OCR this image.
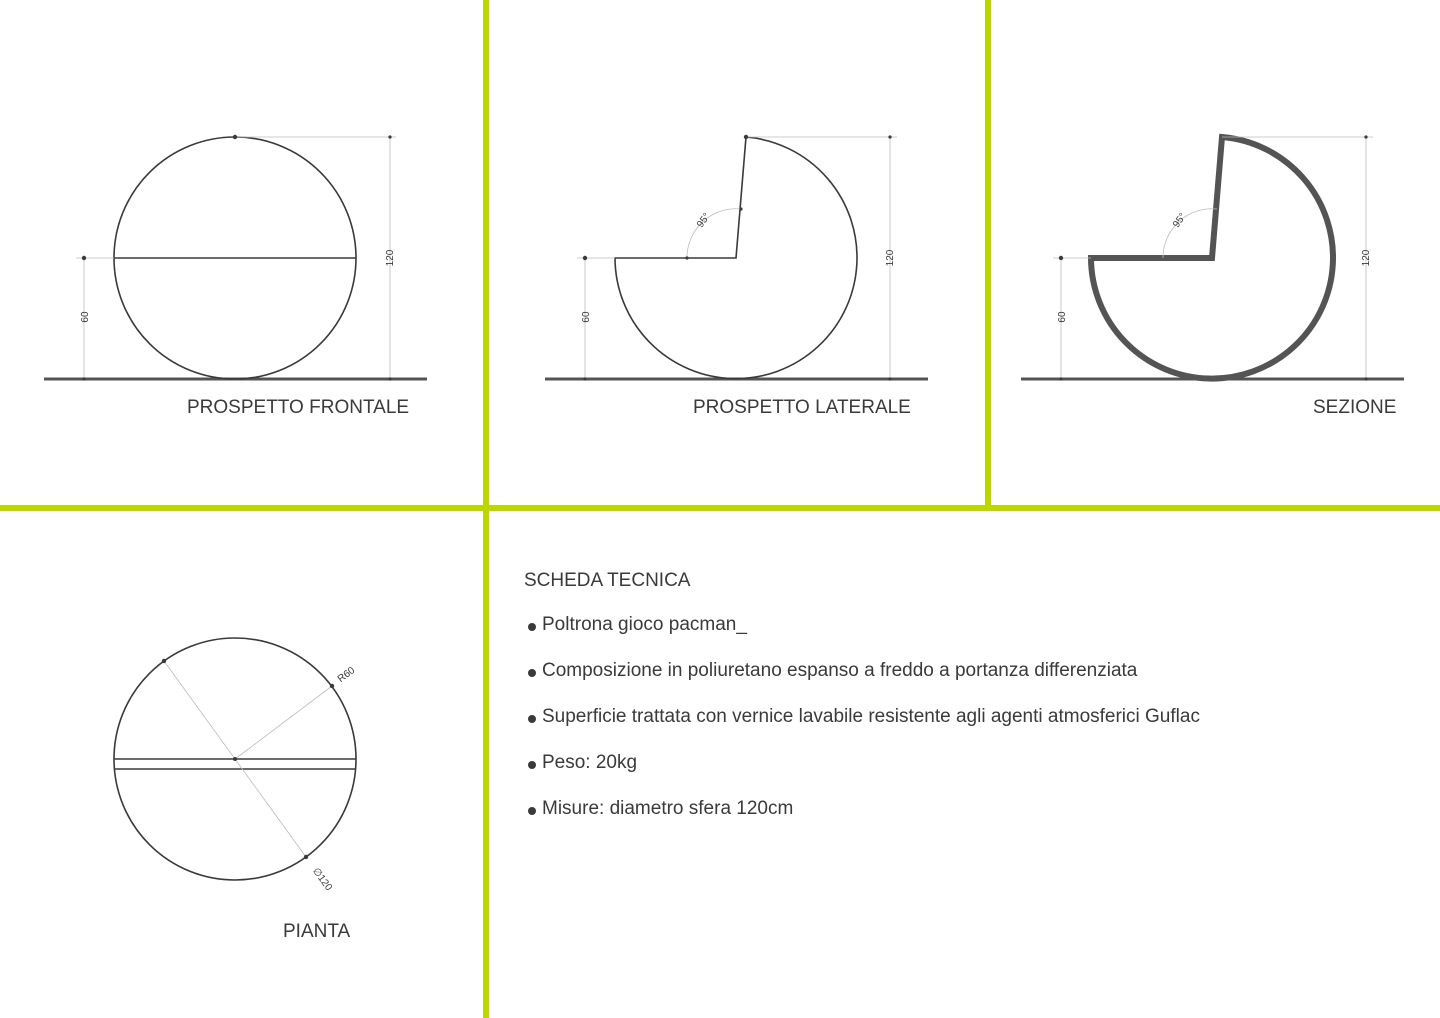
120
60
95°
120
60
95°
120
60
R60
∅120
PROSPETTO FRONTALE	PROSPETTO LATERALE	SEZIONE
PIANTA
SCHEDA TECNICA
Poltrona gioco pacman_
Composizione in poliuretano espanso a freddo a portanza differenziata
Superficie trattata con vernice lavabile resistente agli agenti atmosferici Guflac
Peso: 20kg
Misure: diametro sfera 120cm
